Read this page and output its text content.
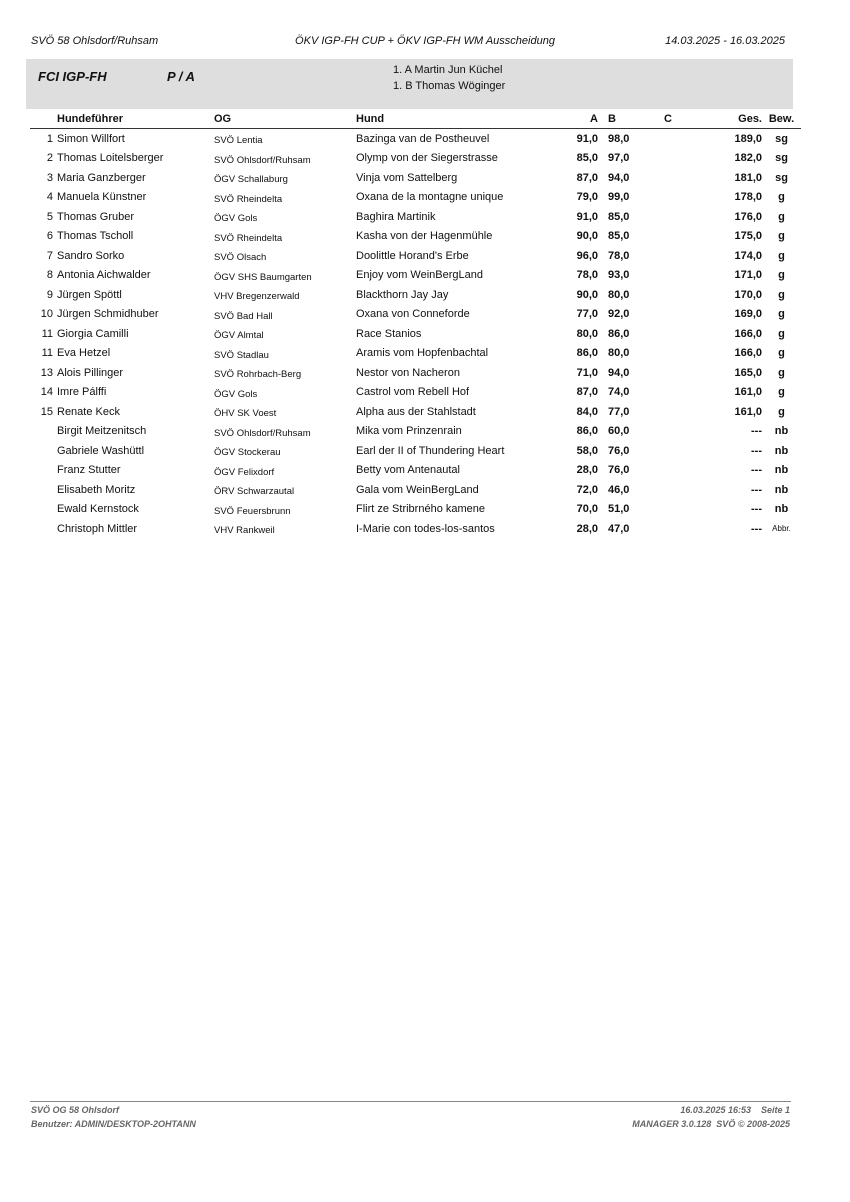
SVÖ 58 Ohlsdorf/Ruhsam	ÖKV IGP-FH CUP + ÖKV IGP-FH WM Ausscheidung	14.03.2025 - 16.03.2025
FCI IGP-FH	P / A	1. A Martin Jun Küchel
1. B Thomas Wöginger
	Hundeführer	OG	Hund	A	B	C	Ges.	Bew.
1	Simon Willfort	SVÖ Lentia	Bazinga van de Postheuvel	91,0	98,0		189,0	sg
2	Thomas Loitelsberger	SVÖ Ohlsdorf/Ruhsam	Olymp von der Siegerstrasse	85,0	97,0		182,0	sg
3	Maria Ganzberger	ÖGV Schallaburg	Vinja vom Sattelberg	87,0	94,0		181,0	sg
4	Manuela Künstner	SVÖ Rheindelta	Oxana de la montagne unique	79,0	99,0		178,0	g
5	Thomas Gruber	ÖGV Gols	Baghira Martinik	91,0	85,0		176,0	g
6	Thomas Tscholl	SVÖ Rheindelta	Kasha von der Hagenmühle	90,0	85,0		175,0	g
7	Sandro Sorko	SVÖ Olsach	Doolittle Horand's Erbe	96,0	78,0		174,0	g
8	Antonia Aichwalder	ÖGV SHS Baumgarten	Enjoy vom WeinBergLand	78,0	93,0		171,0	g
9	Jürgen Spöttl	VHV Bregenzerwald	Blackthorn Jay Jay	90,0	80,0		170,0	g
10	Jürgen Schmidhuber	SVÖ Bad Hall	Oxana von Conneforde	77,0	92,0		169,0	g
11	Giorgia Camilli	ÖGV Almtal	Race Stanios	80,0	86,0		166,0	g
11	Eva Hetzel	SVÖ Stadlau	Aramis vom Hopfenbachtal	86,0	80,0		166,0	g
13	Alois Pillinger	SVÖ Rohrbach-Berg	Nestor von Nacheron	71,0	94,0		165,0	g
14	Imre Pálffi	ÖGV Gols	Castrol vom Rebell Hof	87,0	74,0		161,0	g
15	Renate Keck	ÖHV SK Voest	Alpha aus der Stahlstadt	84,0	77,0		161,0	g
	Birgit Meitzenitsch	SVÖ Ohlsdorf/Ruhsam	Mika vom Prinzenrain	86,0	60,0		---	nb
	Gabriele Washüttl	ÖGV Stockerau	Earl der II of Thundering Heart	58,0	76,0		---	nb
	Franz Stutter	ÖGV Felixdorf	Betty vom Antenautal	28,0	76,0		---	nb
	Elisabeth Moritz	ÖRV Schwarzautal	Gala vom WeinBergLand	72,0	46,0		---	nb
	Ewald Kernstock	SVÖ Feuersbrunn	Flirt ze Stribrného kamene	70,0	51,0		---	nb
	Christoph Mittler	VHV Rankweil	I-Marie con todes-los-santos	28,0	47,0		---	Abbr.
SVÖ OG 58 Ohlsdorf
Benutzer: ADMIN/DESKTOP-2OHTANN
16.03.2025 16:53    Seite 1
MANAGER 3.0.128  SVÖ © 2008-2025
